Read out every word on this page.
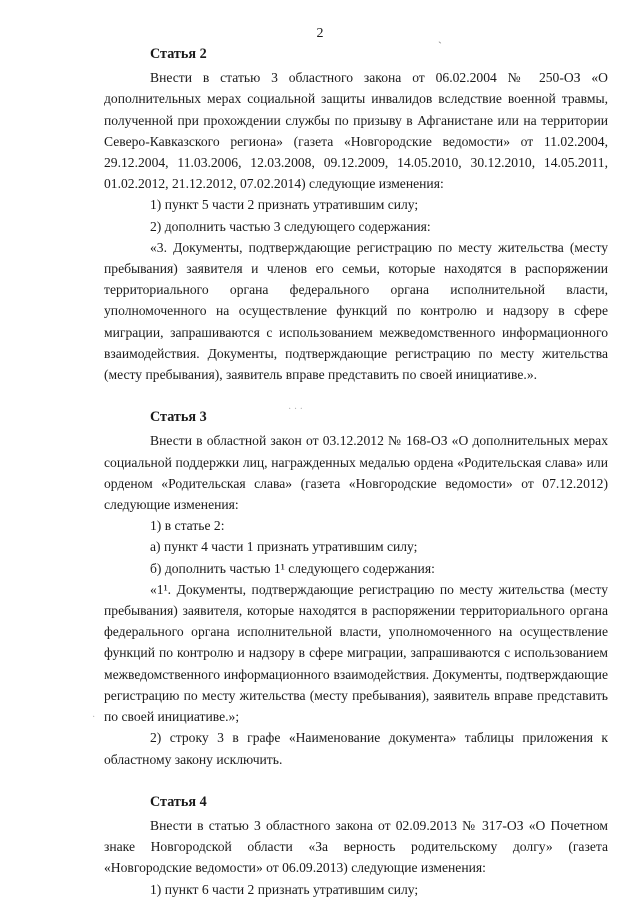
2	ˎ
· · ·
·

Статья 2

Внести в статью 3 областного закона от 06.02.2004 № 250-ОЗ «О дополнительных мерах социальной защиты инвалидов вследствие военной травмы, полученной при прохождении службы по призыву в Афганистане или на территории Северо-Кавказского региона» (газета «Новгородские ведомости» от 11.02.2004, 29.12.2004, 11.03.2006, 12.03.2008, 09.12.2009, 14.05.2010, 30.12.2010, 14.05.2011, 01.02.2012, 21.12.2012, 07.02.2014) следующие изменения:

1) пункт 5 части 2 признать утратившим силу;

2) дополнить частью 3 следующего содержания:

«3. Документы, подтверждающие регистрацию по месту жительства (месту пребывания) заявителя и членов его семьи, которые находятся в распоряжении территориального органа федерального органа исполнительной власти, уполномоченного на осуществление функций по контролю и надзору в сфере миграции, запрашиваются с использованием межведомственного информационного взаимодействия. Документы, подтверждающие регистрацию по месту жительства (месту пребывания), заявитель вправе представить по своей инициативе.».

Статья 3

Внести в областной закон от 03.12.2012 № 168-ОЗ «О дополнительных мерах социальной поддержки лиц, награжденных медалью ордена «Родительская слава» или орденом «Родительская слава» (газета «Новгородские ведомости» от 07.12.2012) следующие изменения:

1) в статье 2:

а) пункт 4 части 1 признать утратившим силу;

б) дополнить частью 1¹ следующего содержания:

«1¹. Документы, подтверждающие регистрацию по месту жительства (месту пребывания) заявителя, которые находятся в распоряжении территориального органа федерального органа исполнительной власти, уполномоченного на осуществление функций по контролю и надзору в сфере миграции, запрашиваются с использованием межведомственного информационного взаимодействия. Документы, подтверждающие регистрацию по месту жительства (месту пребывания), заявитель вправе представить по своей инициативе.»;

2) строку 3 в графе «Наименование документа» таблицы приложения к областному закону исключить.

Статья 4

Внести в статью 3 областного закона от 02.09.2013 № 317-ОЗ «О Почетном знаке Новгородской области «За верность родительскому долгу» (газета «Новгородские ведомости» от 06.09.2013) следующие изменения:

1) пункт 6 части 2 признать утратившим силу;
